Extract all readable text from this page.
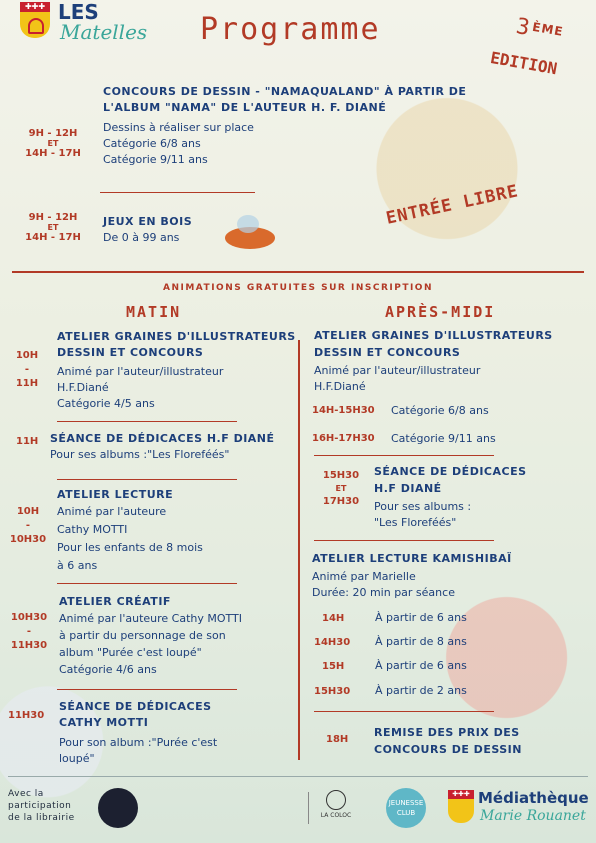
✚✚✚ LES
Matelles Programme	3 ÈME
EDITION
9H - 12H
ET
14H - 17H
CONCOURS DE DESSIN - "NAMAQUALAND" À PARTIR DE
L'ALBUM "NAMA" DE L'AUTEUR H. F. DIANÉ
Dessins à réaliser sur place
Catégorie 6/8 ans
Catégorie 9/11 ans
9H - 12H
ET
14H - 17H
JEUX EN BOIS
De 0 à 99 ans
ENTRÉE LIBRE
ANIMATIONS GRATUITES SUR INSCRIPTION
MATIN	APRÈS-MIDI
10H
-
11H
ATELIER GRAINES D'ILLUSTRATEURS
DESSIN ET CONCOURS
Animé par l'auteur/illustrateur
H.F.Diané
Catégorie 4/5 ans
11H SÉANCE DE DÉDICACES H.F DIANÉ
Pour ses albums :"Les Floreféés"
10H
-
10H30
ATELIER LECTURE
Animé par l'auteure
Cathy MOTTI
Pour les enfants de 8 mois
à 6 ans
10H30
-
11H30
ATELIER CRÉATIF
Animé par l'auteure Cathy MOTTI
à partir du personnage de son
album "Purée c'est loupé"
Catégorie 4/6 ans
11H30
SÉANCE DE DÉDICACES
CATHY MOTTI
Pour son album :"Purée c'est
loupé"
ATELIER GRAINES D'ILLUSTRATEURS
DESSIN ET CONCOURS
Animé par l'auteur/illustrateur
H.F.Diané
14H-15H30 Catégorie 6/8 ans
16H-17H30 Catégorie 9/11 ans
15H30
ET
17H30
SÉANCE DE DÉDICACES
H.F DIANÉ
Pour ses albums :
"Les Floreféés"
ATELIER LECTURE KAMISHIBAÏ
Animé par Marielle
Durée: 20 min par séance
14H	À partir de 6 ans
14H30 À partir de 8 ans
15H	À partir de 6 ans
15H30 À partir de 2 ans
18H
REMISE DES PRIX DES
CONCOURS DE DESSIN
Avec la
participation
de la librairie	LA COLOC
JEUNESSE CLUB
✚✚✚ Médiathèque
Marie Rouanet
